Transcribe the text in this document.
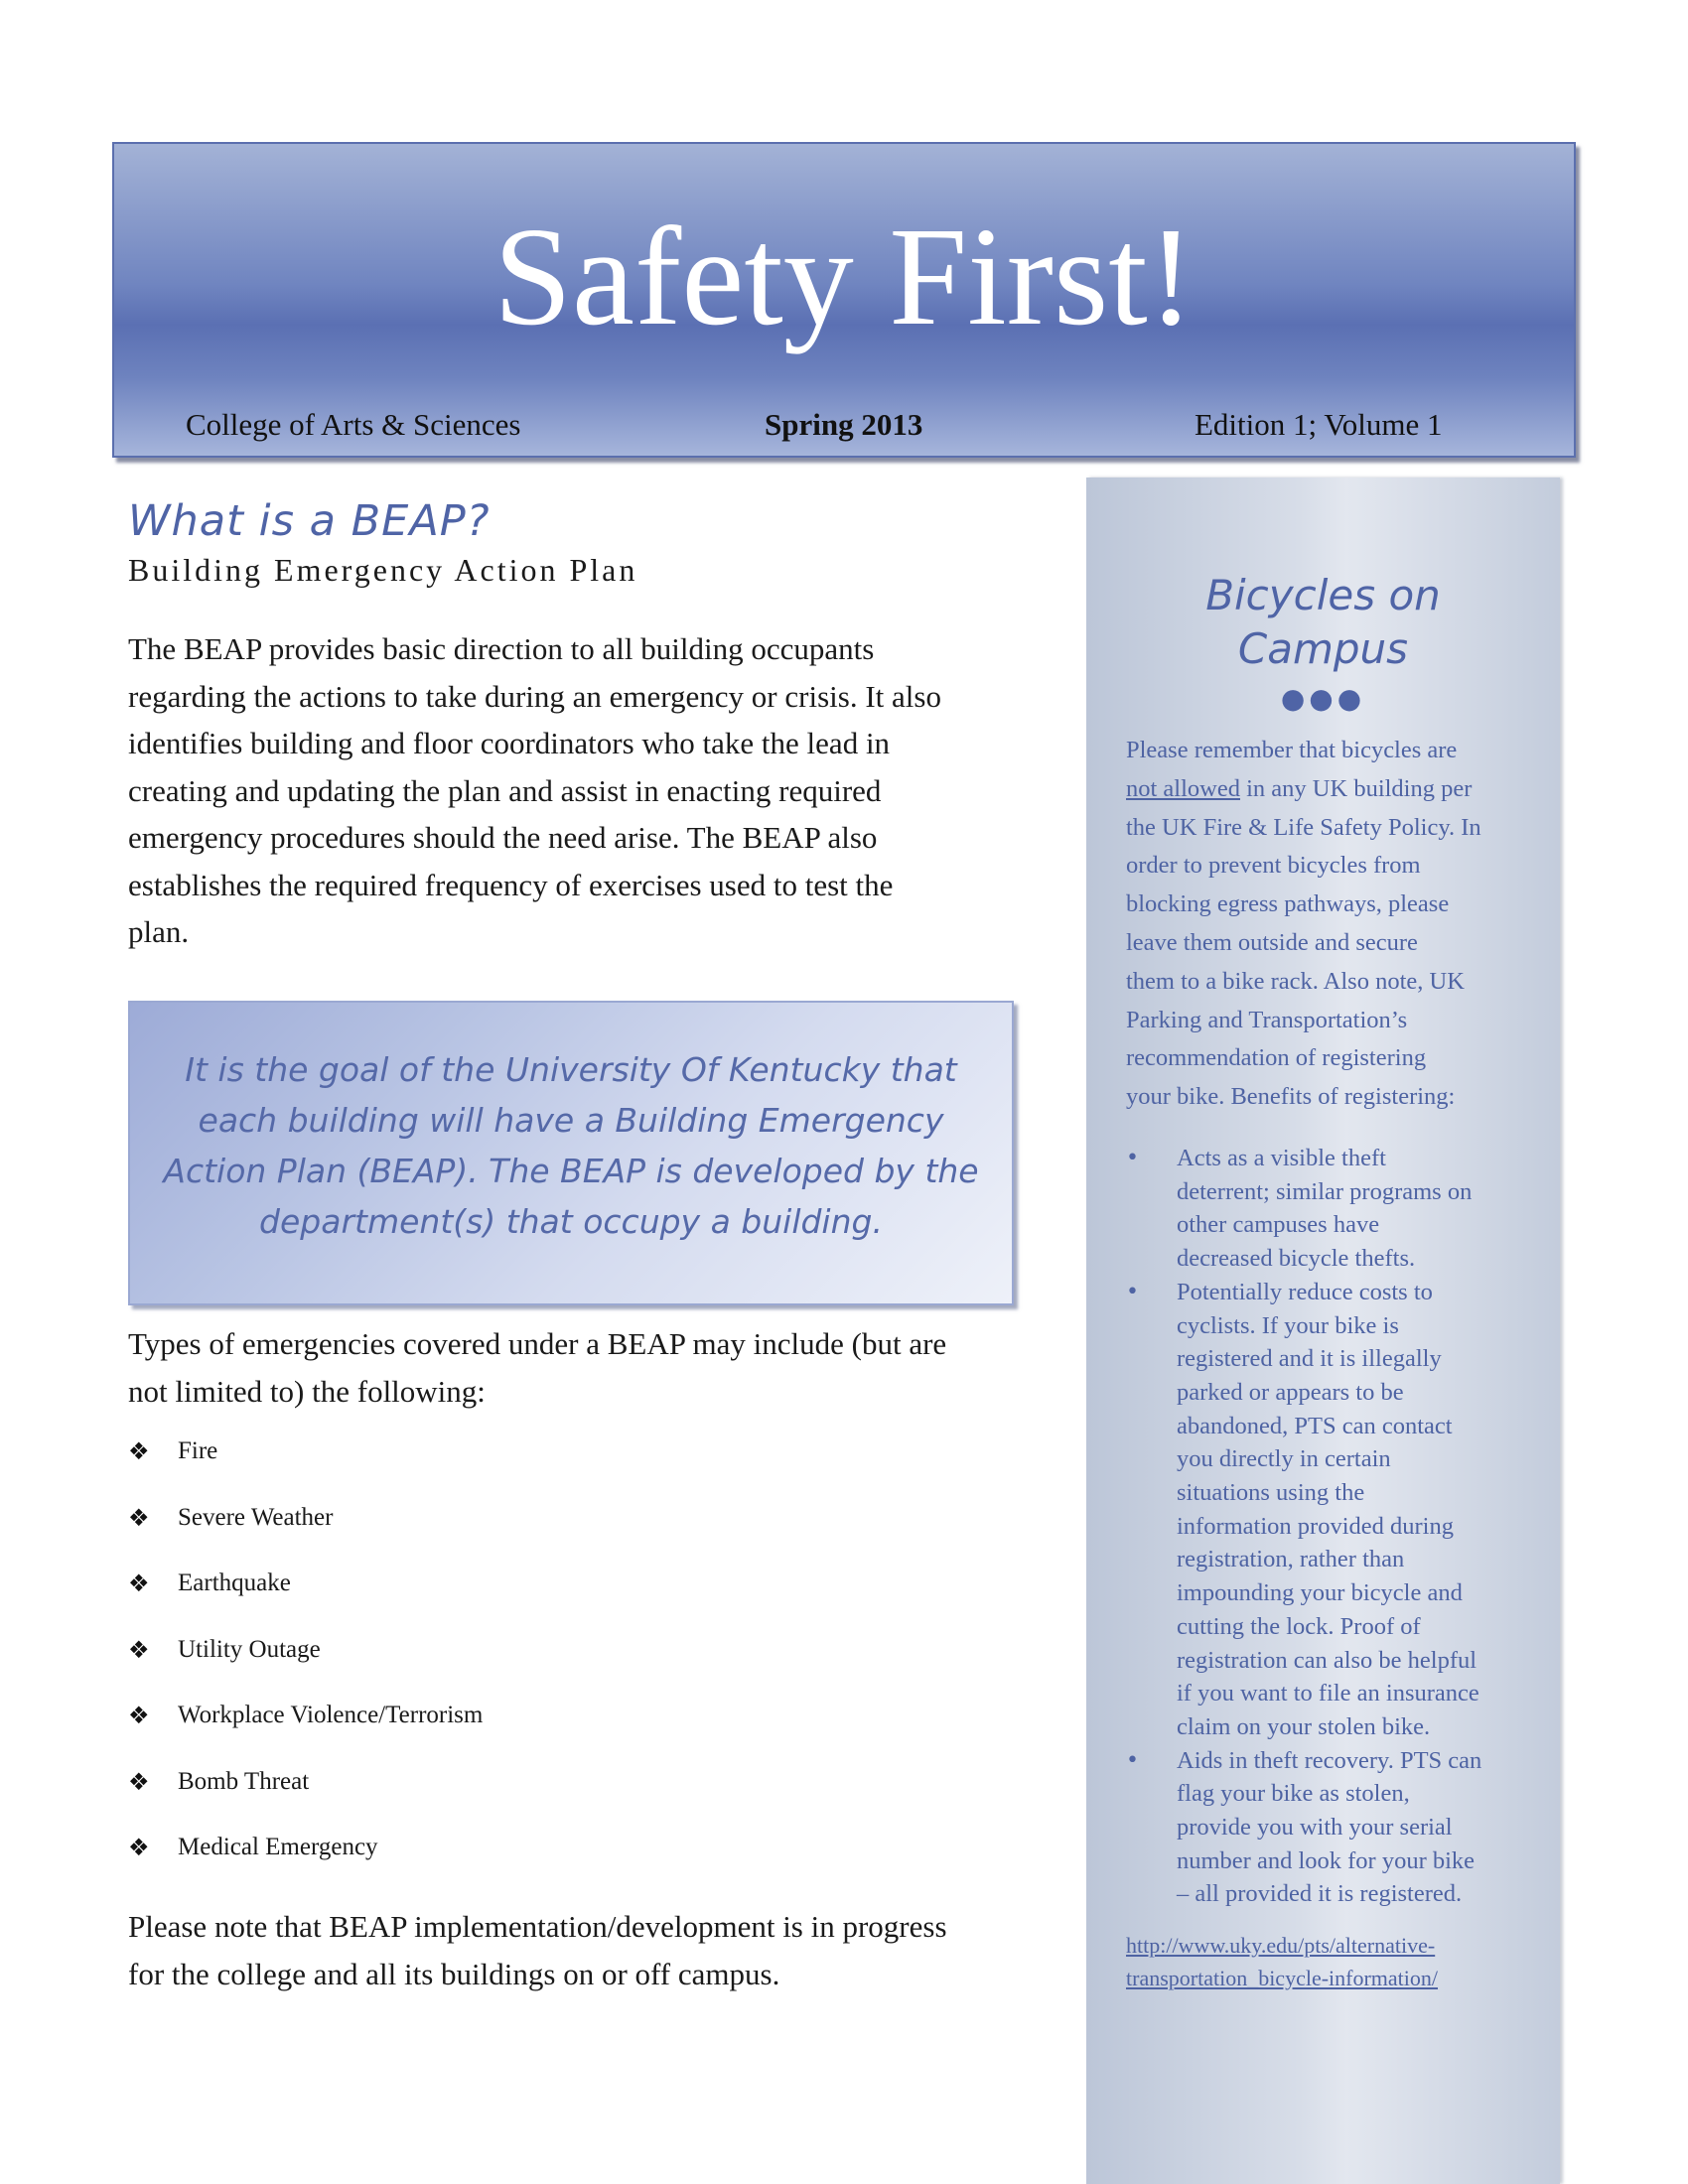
Safety First!
College of Arts & Sciences	Spring 2013	Edition 1; Volume 1
What is a BEAP?
Building Emergency Action Plan
The BEAP provides basic direction to all building occupants
regarding the actions to take during an emergency or crisis. It also
identifies building and floor coordinators who take the lead in
creating and updating the plan and assist in enacting required
emergency procedures should the need arise. The BEAP also
establishes the required frequency of exercises used to test the
plan.
It is the goal of the University Of Kentucky that
each building will have a Building Emergency
Action Plan (BEAP). The BEAP is developed by the
department(s) that occupy a building.
Types of emergencies covered under a BEAP may include (but are
not limited to) the following:
❖ Fire
❖ Severe Weather
❖ Earthquake
❖ Utility Outage
❖ Workplace Violence/Terrorism
❖ Bomb Threat
❖ Medical Emergency
Please note that BEAP implementation/development is in progress
for the college and all its buildings on or off campus.
Bicycles on
Campus
●●●
Please remember that bicycles are
not allowed in any UK building per
the UK Fire & Life Safety Policy. In
order to prevent bicycles from
blocking egress pathways, please
leave them outside and secure
them to a bike rack. Also note, UK
Parking and Transportation’s
recommendation of registering
your bike. Benefits of registering:
• Acts as a visible theft
deterrent; similar programs on
other campuses have
decreased bicycle thefts.
• Potentially reduce costs to
cyclists. If your bike is
registered and it is illegally
parked or appears to be
abandoned, PTS can contact
you directly in certain
situations using the
information provided during
registration, rather than
impounding your bicycle and
cutting the lock. Proof of
registration can also be helpful
if you want to file an insurance
claim on your stolen bike.
• Aids in theft recovery. PTS can
flag your bike as stolen,
provide you with your serial
number and look for your bike
– all provided it is registered.
http://www.uky.edu/pts/alternative-
transportation_bicycle-information/
